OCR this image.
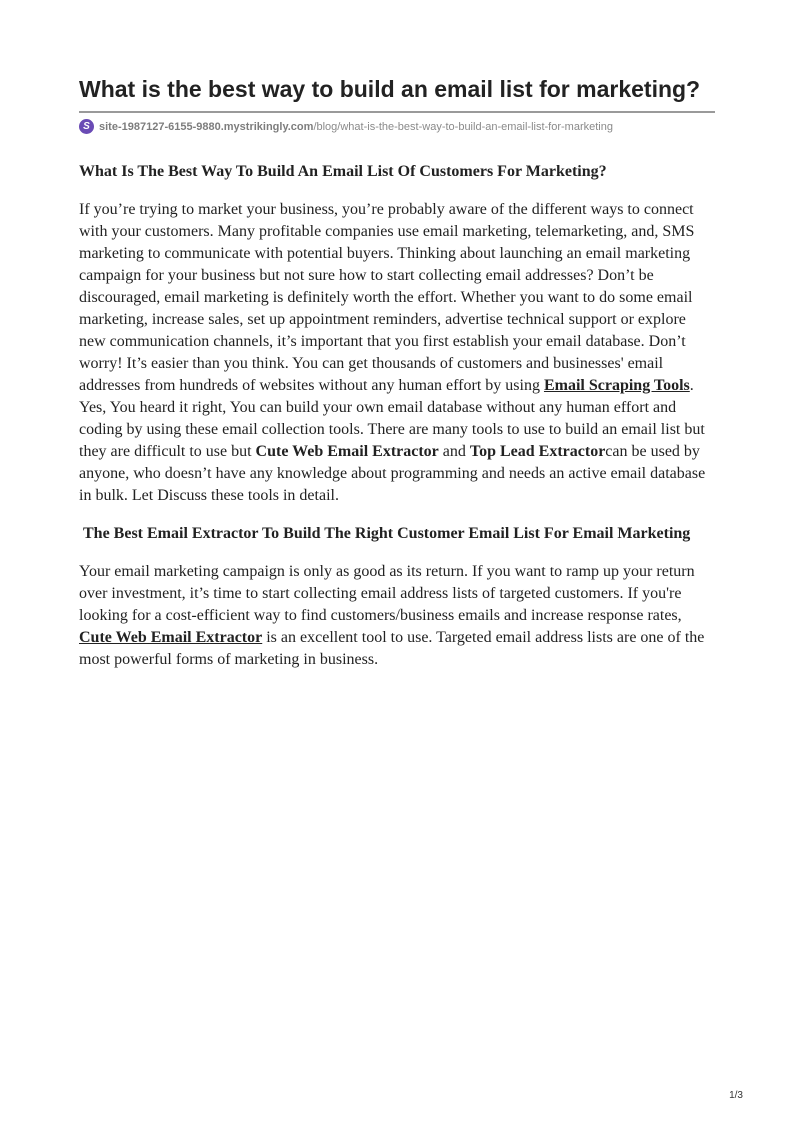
What is the best way to build an email list for marketing?
S site-1987127-6155-9880.mystrikingly.com /blog/what-is-the-best-way-to-build-an-email-list-for-marketing
What Is The Best Way To Build An Email List Of Customers For Marketing?

If you’re trying to market your business, you’re probably aware of the different ways to connect with your customers. Many profitable companies use email marketing, telemarketing, and, SMS marketing to communicate with potential buyers. Thinking about launching an email marketing campaign for your business but not sure how to start collecting email addresses? Don’t be discouraged, email marketing is definitely worth the effort. Whether you want to do some email marketing, increase sales, set up appointment reminders, advertise technical support or explore new communication channels, it’s important that you first establish your email database. Don’t worry! It’s easier than you think. You can get thousands of customers and businesses' email addresses from hundreds of websites without any human effort by using Email Scraping Tools. Yes, You heard it right, You can build your own email database without any human effort and coding by using these email collection tools. There are many tools to use to build an email list but they are difficult to use but Cute Web Email Extractor and Top Lead Extractorcan be used by anyone, who doesn’t have any knowledge about programming and needs an active email database in bulk. Let Discuss these tools in detail.

The Best Email Extractor To Build The Right Customer Email List For Email Marketing

Your email marketing campaign is only as good as its return. If you want to ramp up your return over investment, it’s time to start collecting email address lists of targeted customers. If you're looking for a cost-efficient way to find customers/business emails and increase response rates, Cute Web Email Extractor is an excellent tool to use. Targeted email address lists are one of the most powerful forms of marketing in business.

1/3
